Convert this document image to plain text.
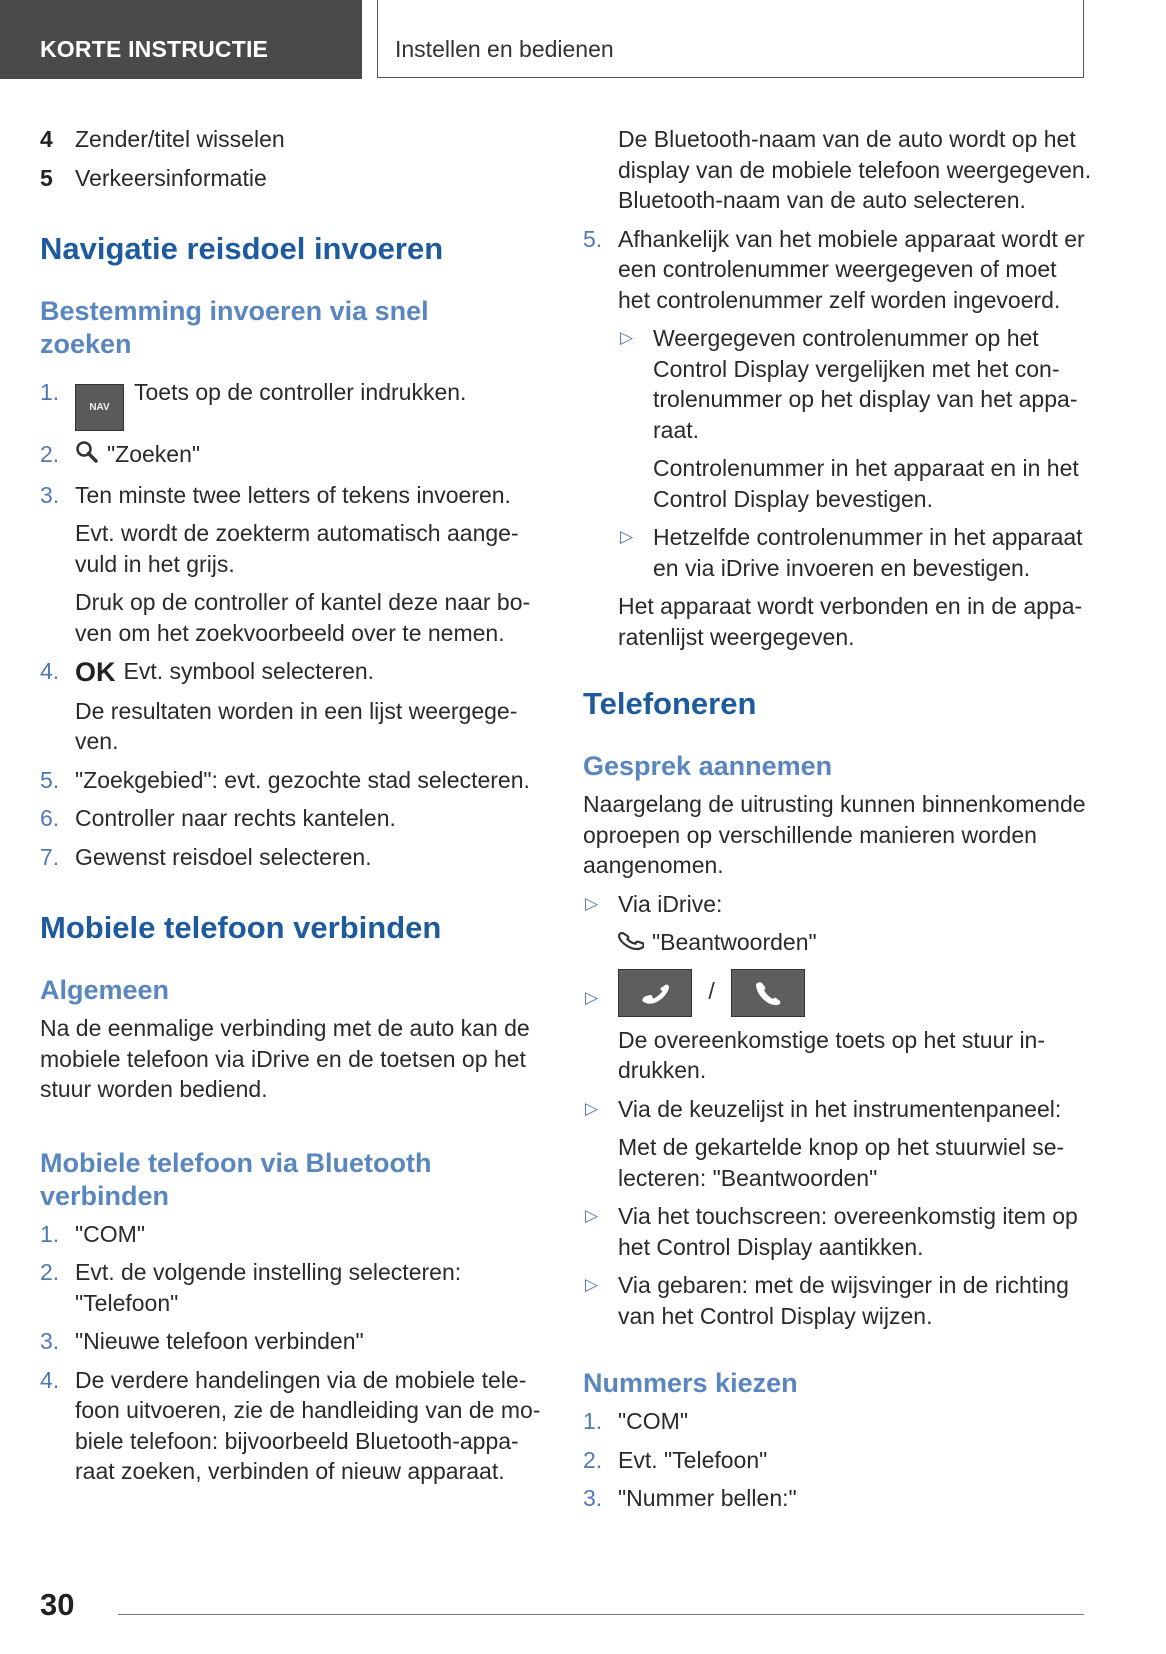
KORTE INSTRUCTIE	Instellen en bedienen
4 Zender/titel wisselen
5 Verkeersinformatie
Navigatie reisdoel invoeren
Bestemming invoeren via snel zoeken
1.
NAVToets op de controller indrukken.
2. "Zoeken"
3. Ten minste twee letters of tekens invoeren.
Evt. wordt de zoekterm automatisch aangevuld in het grijs.
Druk op de controller of kantel deze naar boven om het zoekvoorbeeld over te nemen.
4. OK Evt. symbool selecteren.
De resultaten worden in een lijst weergegeven.
5. "Zoekgebied": evt. gezochte stad selecteren.
6. Controller naar rechts kantelen.
7. Gewenst reisdoel selecteren.
Mobiele telefoon verbinden
Algemeen
Na de eenmalige verbinding met de auto kan de mobiele telefoon via iDrive en de toetsen op het stuur worden bediend.
Mobiele telefoon via Bluetooth verbinden
1. "COM"
2. Evt. de volgende instelling selecteren: "Telefoon"
3. "Nieuwe telefoon verbinden"
4. De verdere handelingen via de mobiele telefoon uitvoeren, zie de handleiding van de mobiele telefoon: bijvoorbeeld Bluetooth-apparaat zoeken, verbinden of nieuw apparaat.
De Bluetooth-naam van de auto wordt op het display van de mobiele telefoon weergegeven. Bluetooth-naam van de auto selecteren.
5. Afhankelijk van het mobiele apparaat wordt er een controlenummer weergegeven of moet het controlenummer zelf worden ingevoerd.
▷ Weergegeven controlenummer op het Control Display vergelijken met het controlenummer op het display van het apparaat.
Controlenummer in het apparaat en in het Control Display bevestigen.
▷ Hetzelfde controlenummer in het apparaat en via iDrive invoeren en bevestigen.
Het apparaat wordt verbonden en in de apparatenlijst weergegeven.
Telefoneren
Gesprek aannemen
Naargelang de uitrusting kunnen binnenkomende oproepen op verschillende manieren worden aangenomen.
▷ Via iDrive:
"Beantwoorden"
▷	/
De overeenkomstige toets op het stuur indrukken.
▷ Via de keuzelijst in het instrumentenpaneel:
Met de gekartelde knop op het stuurwiel selecteren: "Beantwoorden"
▷ Via het touchscreen: overeenkomstig item op het Control Display aantikken.
▷ Via gebaren: met de wijsvinger in de richting van het Control Display wijzen.
Nummers kiezen
1. "COM"
2. Evt. "Telefoon"
3. "Nummer bellen:"
30
